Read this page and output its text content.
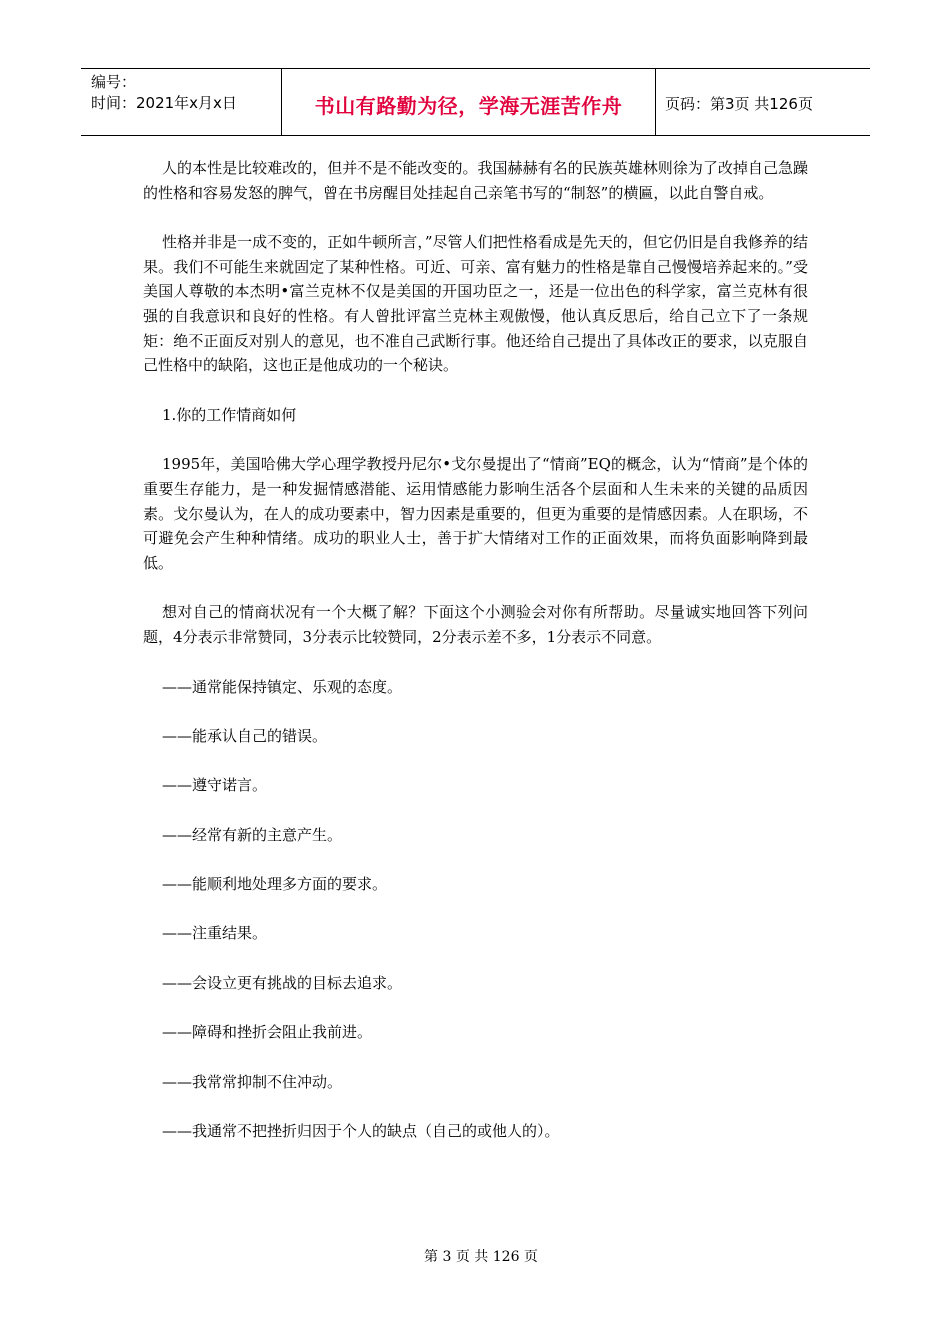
编号：
时间：2021年x月x日	书山有路勤为径，学海无涯苦作舟	页码：第3页 共126页

人的本性是比较难改的，但并不是不能改变的。我国赫赫有名的民族英雄林则徐为了改掉自己急躁的性格和容易发怒的脾气，曾在书房醒目处挂起自己亲笔书写的“制怒”的横匾，以此自警自戒。

性格并非是一成不变的，正如牛顿所言，”尽管人们把性格看成是先天的，但它仍旧是自我修养的结果。我们不可能生来就固定了某种性格。可近、可亲、富有魅力的性格是靠自己慢慢培养起来的。”受美国人尊敬的本杰明•富兰克林不仅是美国的开国功臣之一，还是一位出色的科学家，富兰克林有很强的自我意识和良好的性格。有人曾批评富兰克林主观傲慢，他认真反思后，给自己立下了一条规矩：绝不正面反对别人的意见，也不准自己武断行事。他还给自己提出了具体改正的要求，以克服自己性格中的缺陷，这也正是他成功的一个秘诀。

1.你的工作情商如何

1995年，美国哈佛大学心理学教授丹尼尔•戈尔曼提出了“情商”EQ的概念，认为“情商”是个体的重要生存能力，是一种发掘情感潜能、运用情感能力影响生活各个层面和人生未来的关键的品质因素。戈尔曼认为，在人的成功要素中，智力因素是重要的，但更为重要的是情感因素。人在职场，不可避免会产生种种情绪。成功的职业人士，善于扩大情绪对工作的正面效果，而将负面影响降到最低。

想对自己的情商状况有一个大概了解？下面这个小测验会对你有所帮助。尽量诚实地回答下列问题，4分表示非常赞同，3分表示比较赞同，2分表示差不多，1分表示不同意。

——通常能保持镇定、乐观的态度。
——能承认自己的错误。
——遵守诺言。
——经常有新的主意产生。
——能顺利地处理多方面的要求。
——注重结果。
——会设立更有挑战的目标去追求。
——障碍和挫折会阻止我前进。
——我常常抑制不住冲动。
——我通常不把挫折归因于个人的缺点（自己的或他人的）。
第 3 页 共 126 页
